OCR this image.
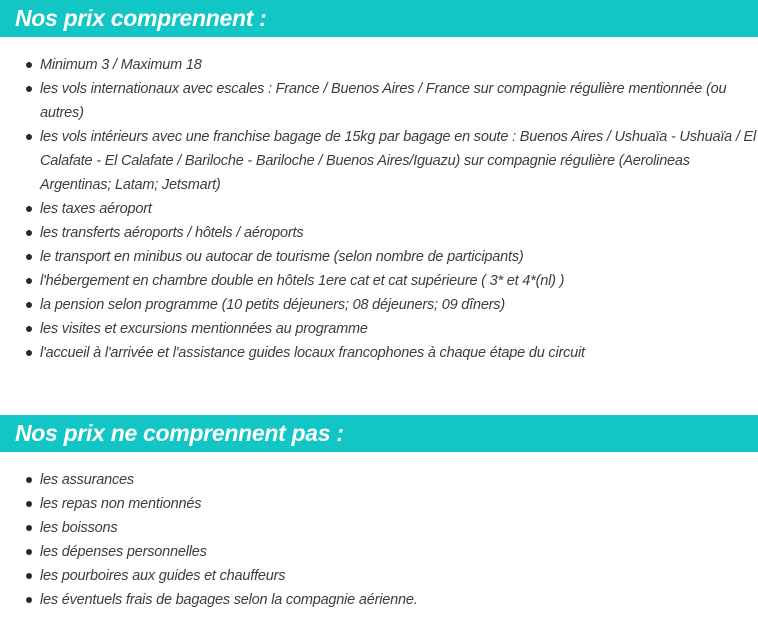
Nos prix comprennent :
Minimum 3 / Maximum 18
les vols internationaux avec escales : France / Buenos Aires / France sur compagnie régulière mentionnée (ou autres)
les vols intérieurs avec une franchise bagage de 15kg par bagage en soute : Buenos Aires / Ushuaïa - Ushuaïa / El Calafate - El Calafate / Bariloche - Bariloche / Buenos Aires/Iguazu) sur compagnie régulière (Aerolineas Argentinas; Latam; Jetsmart)
les taxes aéroport
les transferts aéroports / hôtels / aéroports
le transport en minibus ou autocar de tourisme (selon nombre de participants)
l'hébergement en chambre double en hôtels 1ere cat et cat supérieure ( 3* et 4*(nl) )
la pension selon programme (10 petits déjeuners; 08 déjeuners; 09 dîners)
les visites et excursions mentionnées au programme
l'accueil à l'arrivée et l'assistance guides locaux francophones à chaque étape du circuit
Nos prix ne comprennent pas :
les assurances
les repas non mentionnés
les boissons
les dépenses personnelles
les pourboires aux guides et chauffeurs
les éventuels frais de bagages selon la compagnie aérienne.
